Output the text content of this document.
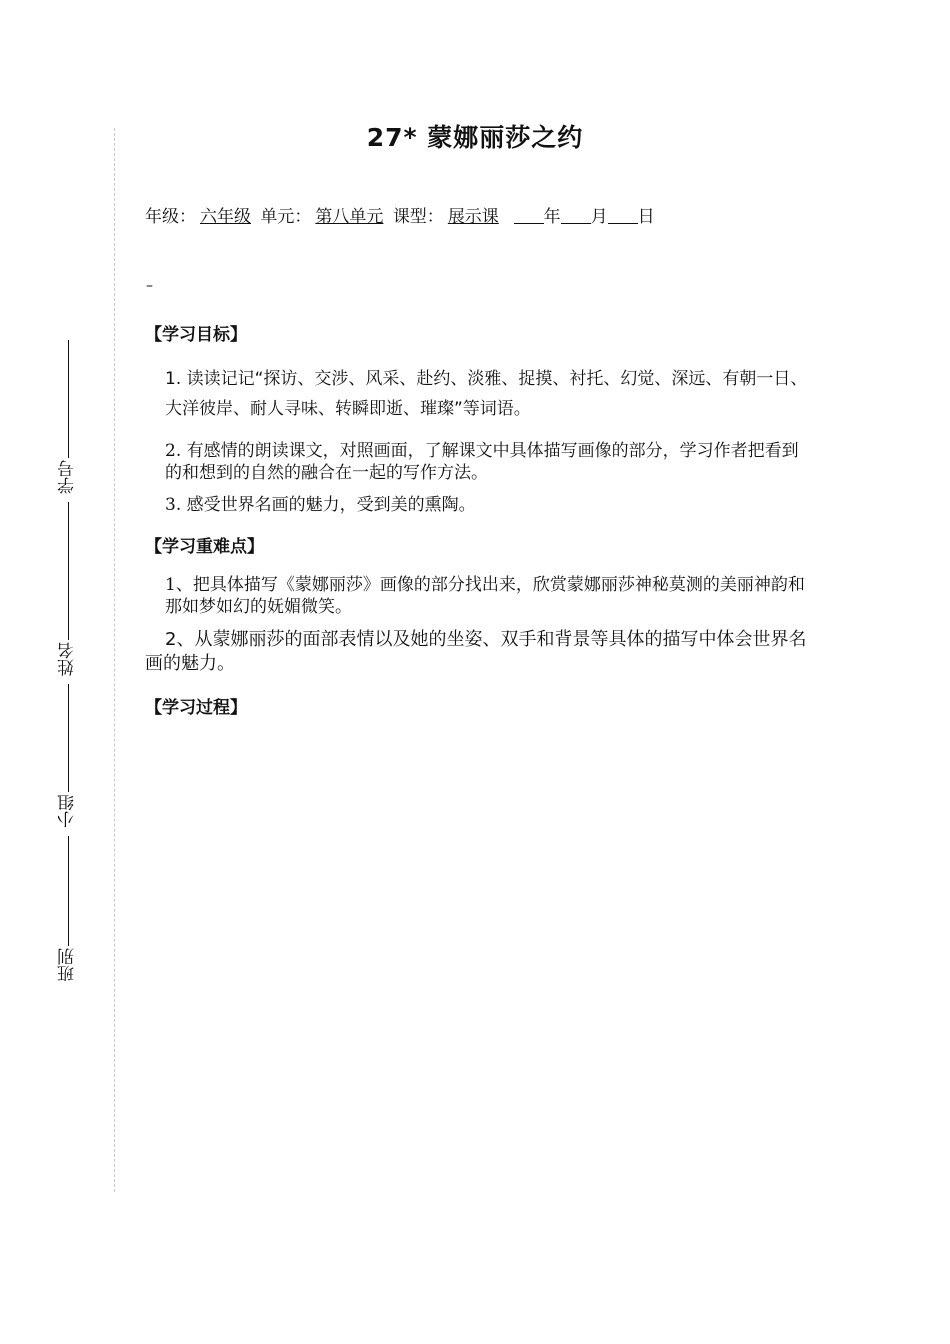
学号
姓名
小组
班别
27* 蒙娜丽莎之约
年级： 六年级 单元： 第八单元 课型： 展示课	年 月 日
–
【学习目标】
1. 读读记记“探访、交涉、风采、赴约、淡雅、捉摸、衬托、幻觉、深远、有朝一日、大洋彼岸、耐人寻味、转瞬即逝、璀璨”等词语。
2. 有感情的朗读课文，对照画面，了解课文中具体描写画像的部分，学习作者把看到的和想到的自然的融合在一起的写作方法。
3. 感受世界名画的魅力，受到美的熏陶。
【学习重难点】
1、把具体描写《蒙娜丽莎》画像的部分找出来，欣赏蒙娜丽莎神秘莫测的美丽神韵和那如梦如幻的妩媚微笑。
2、从蒙娜丽莎的面部表情以及她的坐姿、双手和背景等具体的描写中体会世界名画的魅力。
【学习过程】
